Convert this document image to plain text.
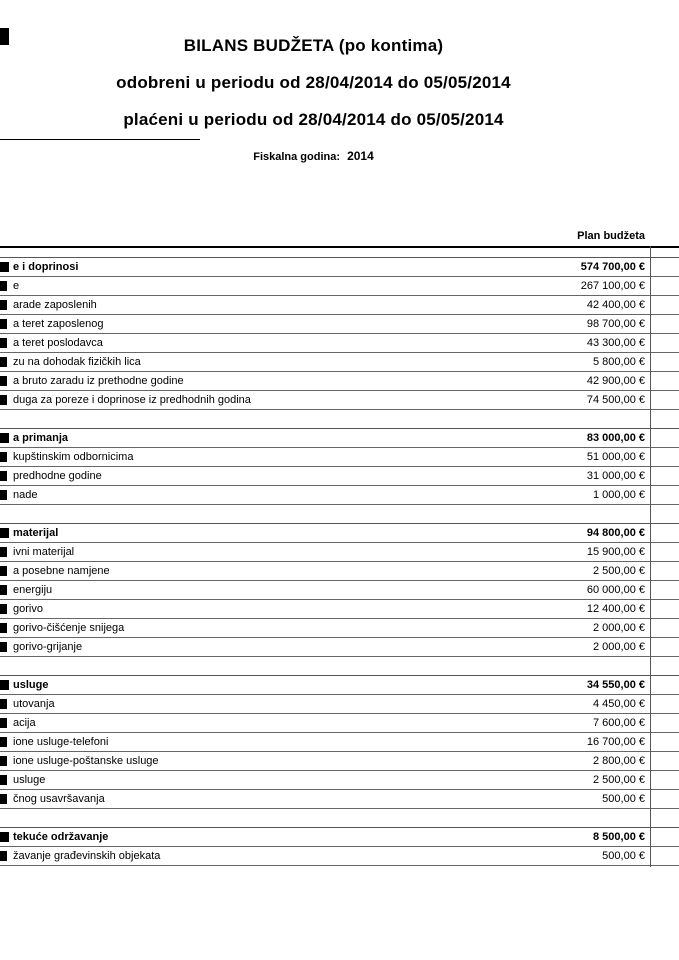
BILANS BUDŽETA (po kontima)
odobreni u periodu od 28/04/2014 do 05/05/2014
plaćeni u periodu od 28/04/2014 do 05/05/2014
Fiskalna godina: 2014
Plan budžeta
e i doprinosi	574 700,00 €
e	267 100,00 €
arade zaposlenih	42 400,00 €
a teret zaposlenog	98 700,00 €
a teret poslodavca	43 300,00 €
zu na dohodak fizičkih lica	5 800,00 €
a bruto zaradu iz prethodne godine	42 900,00 €
duga za poreze i doprinose iz predhodnih godina	74 500,00 €
a primanja	83 000,00 €
kupštinskim odbornicima	51 000,00 €
predhodne godine	31 000,00 €
nade	1 000,00 €
materijal	94 800,00 €
ivni materijal	15 900,00 €
a posebne namjene	2 500,00 €
energiju	60 000,00 €
gorivo	12 400,00 €
gorivo-čišćenje snijega	2 000,00 €
gorivo-grijanje	2 000,00 €
usluge	34 550,00 €
utovanja	4 450,00 €
acija	7 600,00 €
ione usluge-telefoni	16 700,00 €
ione usluge-poštanske usluge	2 800,00 €
usluge	2 500,00 €
čnog usavršavanja	500,00 €
tekuće održavanje	8 500,00 €
žavanje građevinskih objekata	500,00 €
